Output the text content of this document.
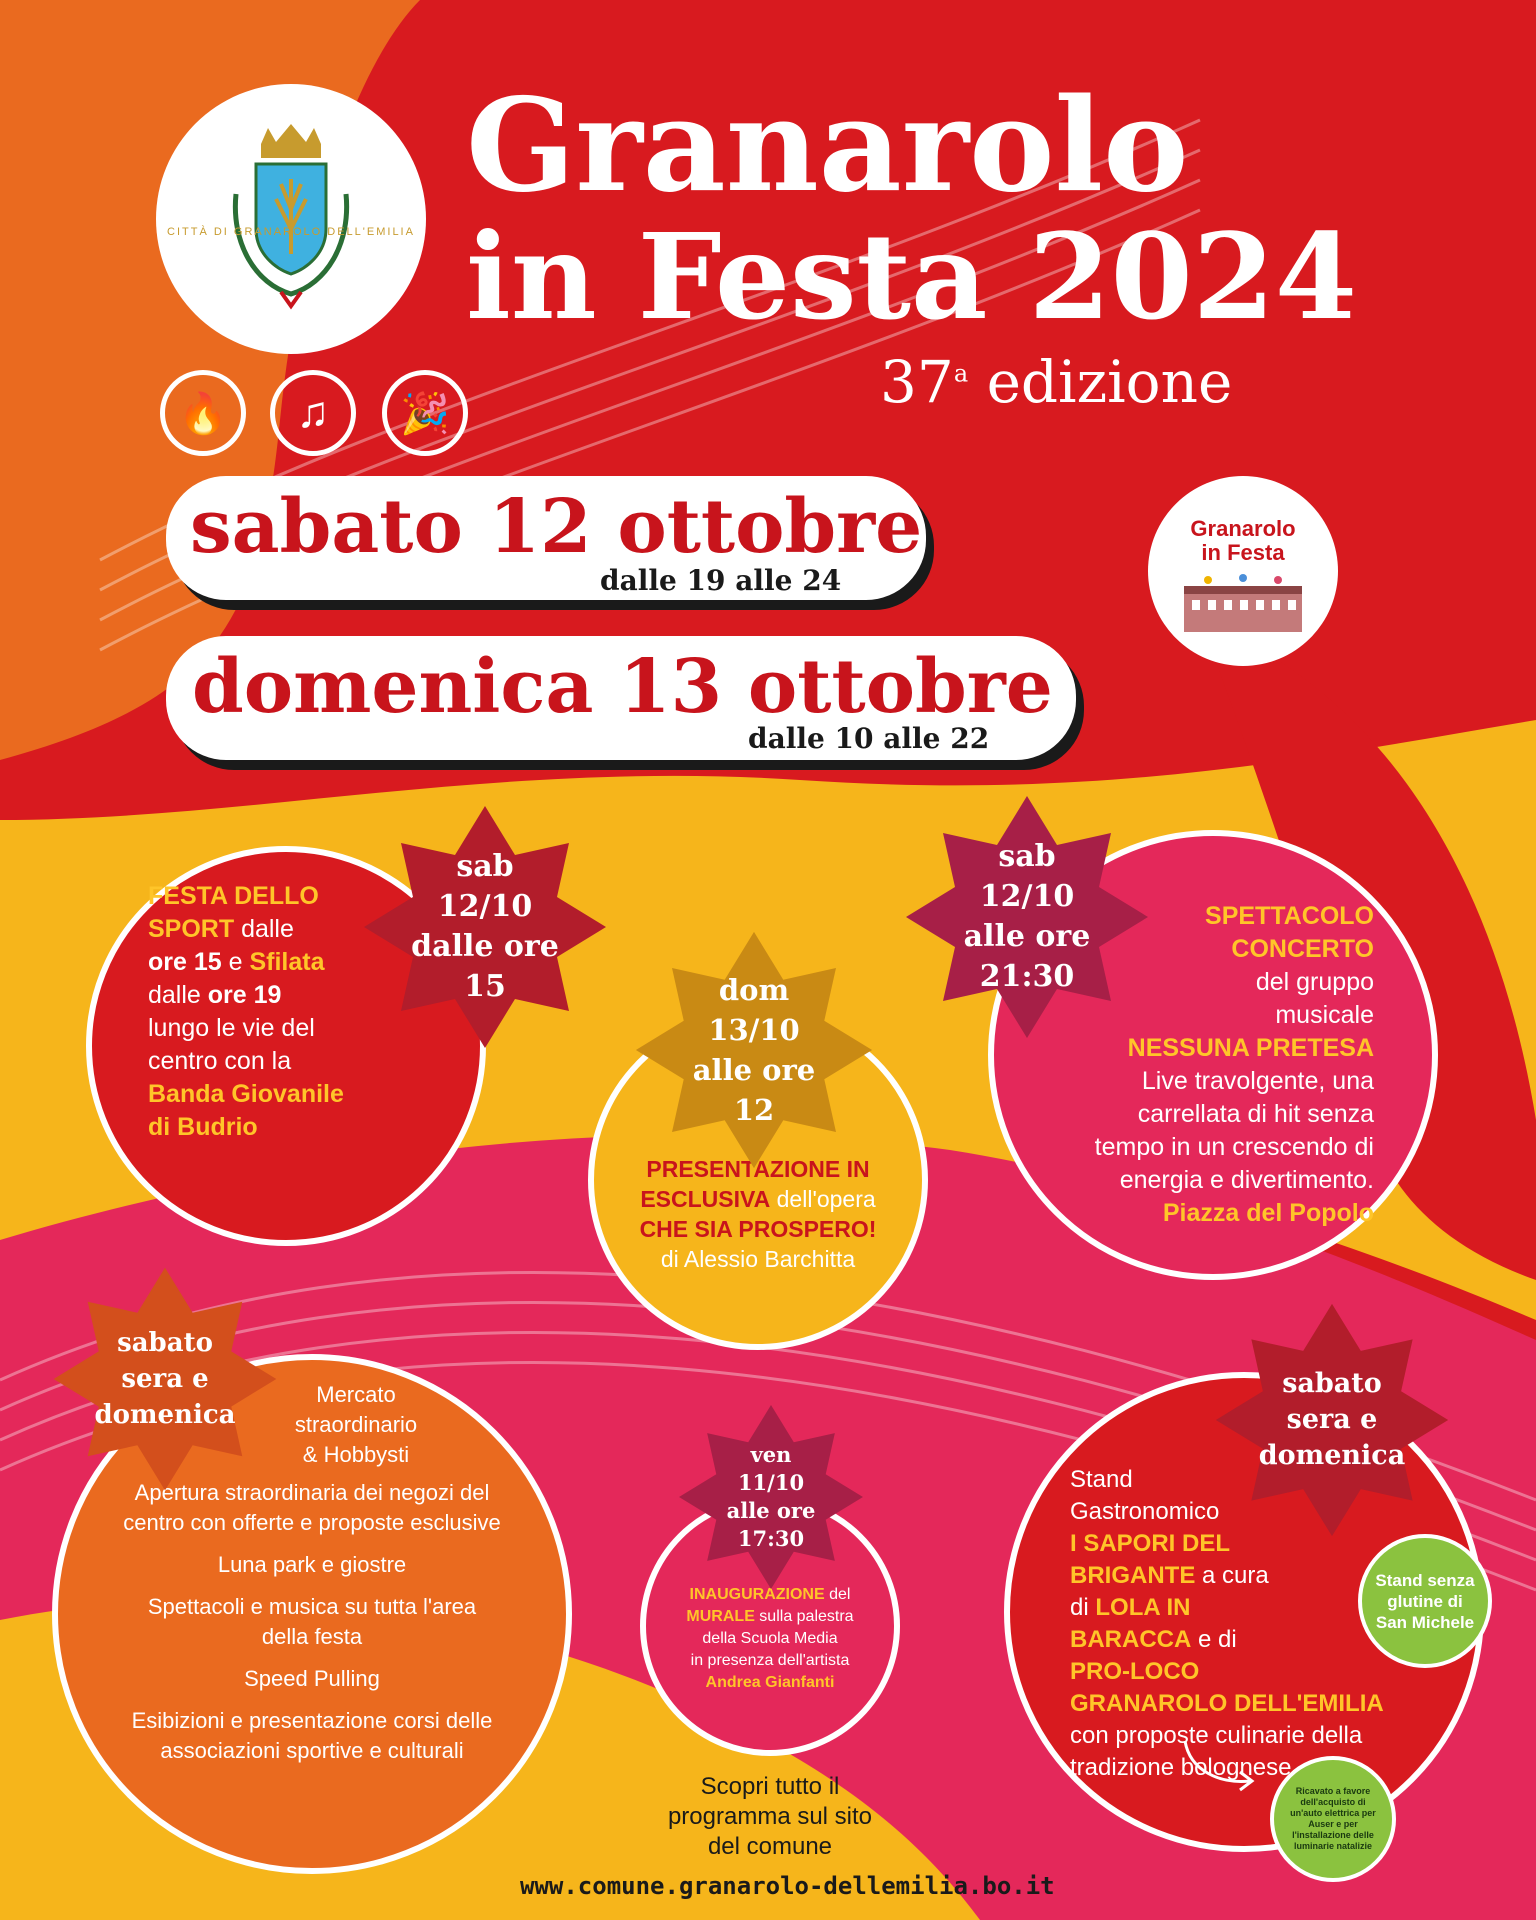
CITTÀ DI GRANAROLO DELL'EMILIA
🔥	♫	🎉
Granarolo
in Festa 2024
37$^a$ edizione
sabato 12 ottobre
dalle 19 alle 24
domenica 13 ottobre
dalle 10 alle 22
Granarolo
in Festa

FESTA DELLO

SPORT dalle

ore 15 e Sfilata

dalle ore 19

lungo le vie del

centro con la

Banda Giovanile

di Budrio

sab
12/10
dalle ore
15

PRESENTAZIONE IN

ESCLUSIVA dell'opera

CHE SIA PROSPERO!

di Alessio Barchitta

dom
13/10
alle ore
12

SPETTACOLO

CONCERTO

del gruppo

musicale

NESSUNA PRETESA

Live travolgente, una

carrellata di hit senza

tempo in un crescendo di

energia e divertimento.

Piazza del Popolo

sab
12/10
alle ore
21:30

Mercato

straordinario

& Hobbysti

Apertura straordinaria dei negozi del centro con offerte e proposte esclusive

Luna park e giostre

Spettacoli e musica su tutta l'area della festa

Speed Pulling

Esibizioni e presentazione corsi delle associazioni sportive e culturali

sabato
sera e
domenica

INAUGURAZIONE del

MURALE sulla palestra

della Scuola Media

in presenza dell'artista

Andrea Gianfanti

ven
11/10
alle ore
17:30

Stand

Gastronomico

I SAPORI DEL

BRIGANTE a cura

di LOLA IN

BARACCA e di

PRO-LOCO

GRANAROLO DELL'EMILIA

con proposte culinarie della

tradizione bolognese

sabato
sera e
domenica
Stand senza glutine di San Michele
Ricavato a favore dell'acquisto di un'auto elettrica per Auser e per l'installazione delle luminarie natalizie
Scopri tutto il programma sul sito del comune
www.comune.granarolo-dellemilia.bo.it
